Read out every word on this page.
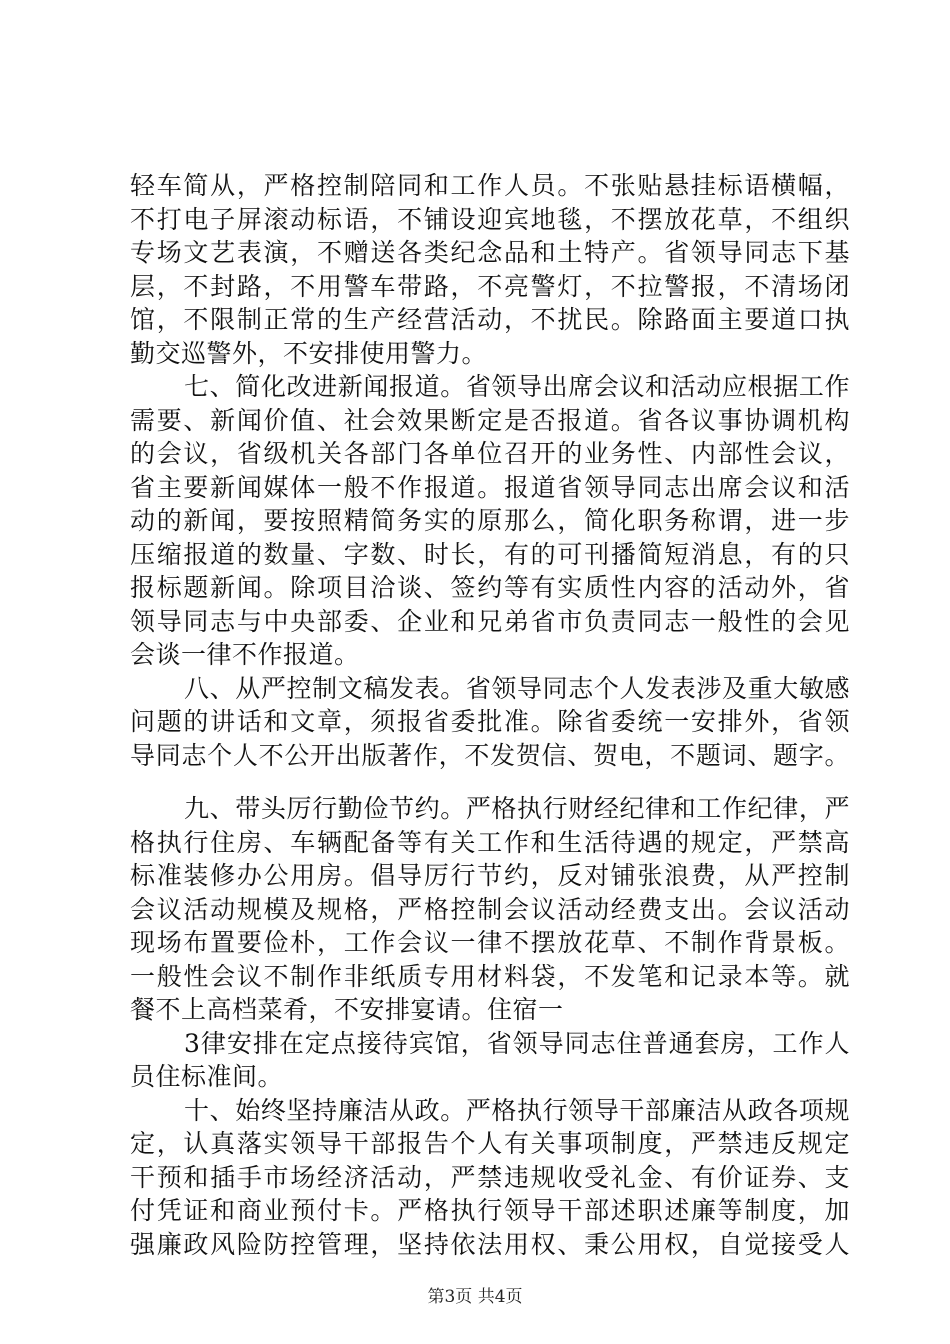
轻车简从，严格控制陪同和工作人员。不张贴悬挂标语横幅，
不打电子屏滚动标语，不铺设迎宾地毯，不摆放花草，不组织
专场文艺表演，不赠送各类纪念品和土特产。省领导同志下基
层，不封路，不用警车带路，不亮警灯，不拉警报，不清场闭
馆，不限制正常的生产经营活动，不扰民。除路面主要道口执
勤交巡警外，不安排使用警力。
七、简化改进新闻报道。省领导出席会议和活动应根据工作
需要、新闻价值、社会效果断定是否报道。省各议事协调机构
的会议，省级机关各部门各单位召开的业务性、内部性会议，
省主要新闻媒体一般不作报道。报道省领导同志出席会议和活
动的新闻，要按照精简务实的原那么，简化职务称谓，进一步
压缩报道的数量、字数、时长，有的可刊播简短消息，有的只
报标题新闻。除项目洽谈、签约等有实质性内容的活动外，省
领导同志与中央部委、企业和兄弟省市负责同志一般性的会见
会谈一律不作报道。
八、从严控制文稿发表。省领导同志个人发表涉及重大敏感
问题的讲话和文章，须报省委批准。除省委统一安排外，省领
导同志个人不公开出版著作，不发贺信、贺电，不题词、题字。
九、带头厉行勤俭节约。严格执行财经纪律和工作纪律，严
格执行住房、车辆配备等有关工作和生活待遇的规定，严禁高
标准装修办公用房。倡导厉行节约，反对铺张浪费，从严控制
会议活动规模及规格，严格控制会议活动经费支出。会议活动
现场布置要俭朴，工作会议一律不摆放花草、不制作背景板。
一般性会议不制作非纸质专用材料袋，不发笔和记录本等。就
餐不上高档菜肴，不安排宴请。住宿一
3律安排在定点接待宾馆，省领导同志住普通套房，工作人
员住标准间。
十、始终坚持廉洁从政。严格执行领导干部廉洁从政各项规
定，认真落实领导干部报告个人有关事项制度，严禁违反规定
干预和插手市场经济活动，严禁违规收受礼金、有价证券、支
付凭证和商业预付卡。严格执行领导干部述职述廉等制度，加
强廉政风险防控管理，坚持依法用权、秉公用权，自觉接受人
第3页 共4页
